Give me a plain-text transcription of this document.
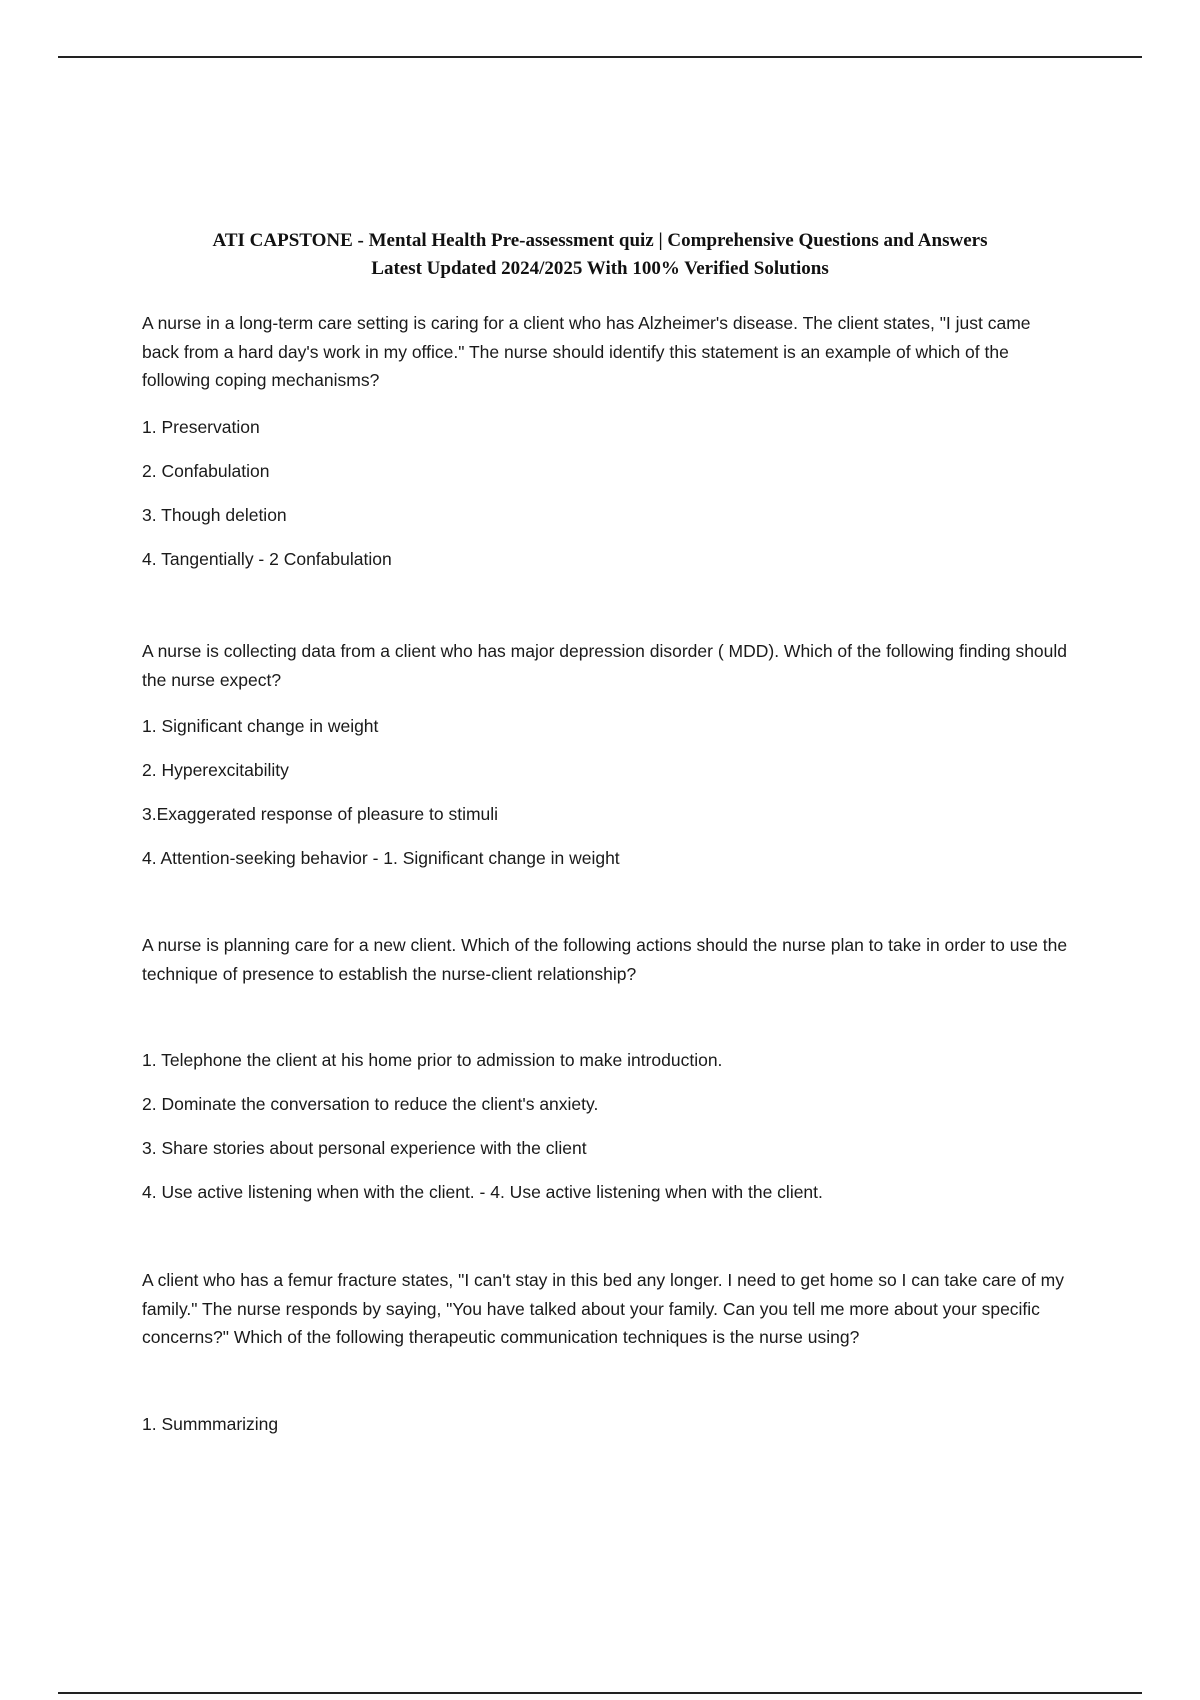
ATI CAPSTONE - Mental Health Pre-assessment quiz | Comprehensive Questions and Answers
Latest Updated 2024/2025 With 100% Verified Solutions

A nurse in a long-term care setting is caring for a client who has Alzheimer's disease. The client states, "I just came back from a hard day's work in my office." The nurse should identify this statement is an example of which of the following coping mechanisms?

1. Preservation
2. Confabulation
3. Though deletion
4. Tangentially - 2 Confabulation

A nurse is collecting data from a client who has major depression disorder ( MDD). Which of the following finding should the nurse expect?

1. Significant change in weight
2. Hyperexcitability
3.Exaggerated response of pleasure to stimuli
4. Attention-seeking behavior - 1. Significant change in weight

A nurse is planning care for a new client. Which of the following actions should the nurse plan to take in order to use the technique of presence to establish the nurse-client relationship?

1. Telephone the client at his home prior to admission to make introduction.
2. Dominate the conversation to reduce the client's anxiety.
3. Share stories about personal experience with the client
4. Use active listening when with the client. - 4. Use active listening when with the client.

A client who has a femur fracture states, "I can't stay in this bed any longer. I need to get home so I can take care of my family." The nurse responds by saying, "You have talked about your family. Can you tell me more about your specific concerns?" Which of the following therapeutic communication techniques is the nurse using?

1. Summmarizing
